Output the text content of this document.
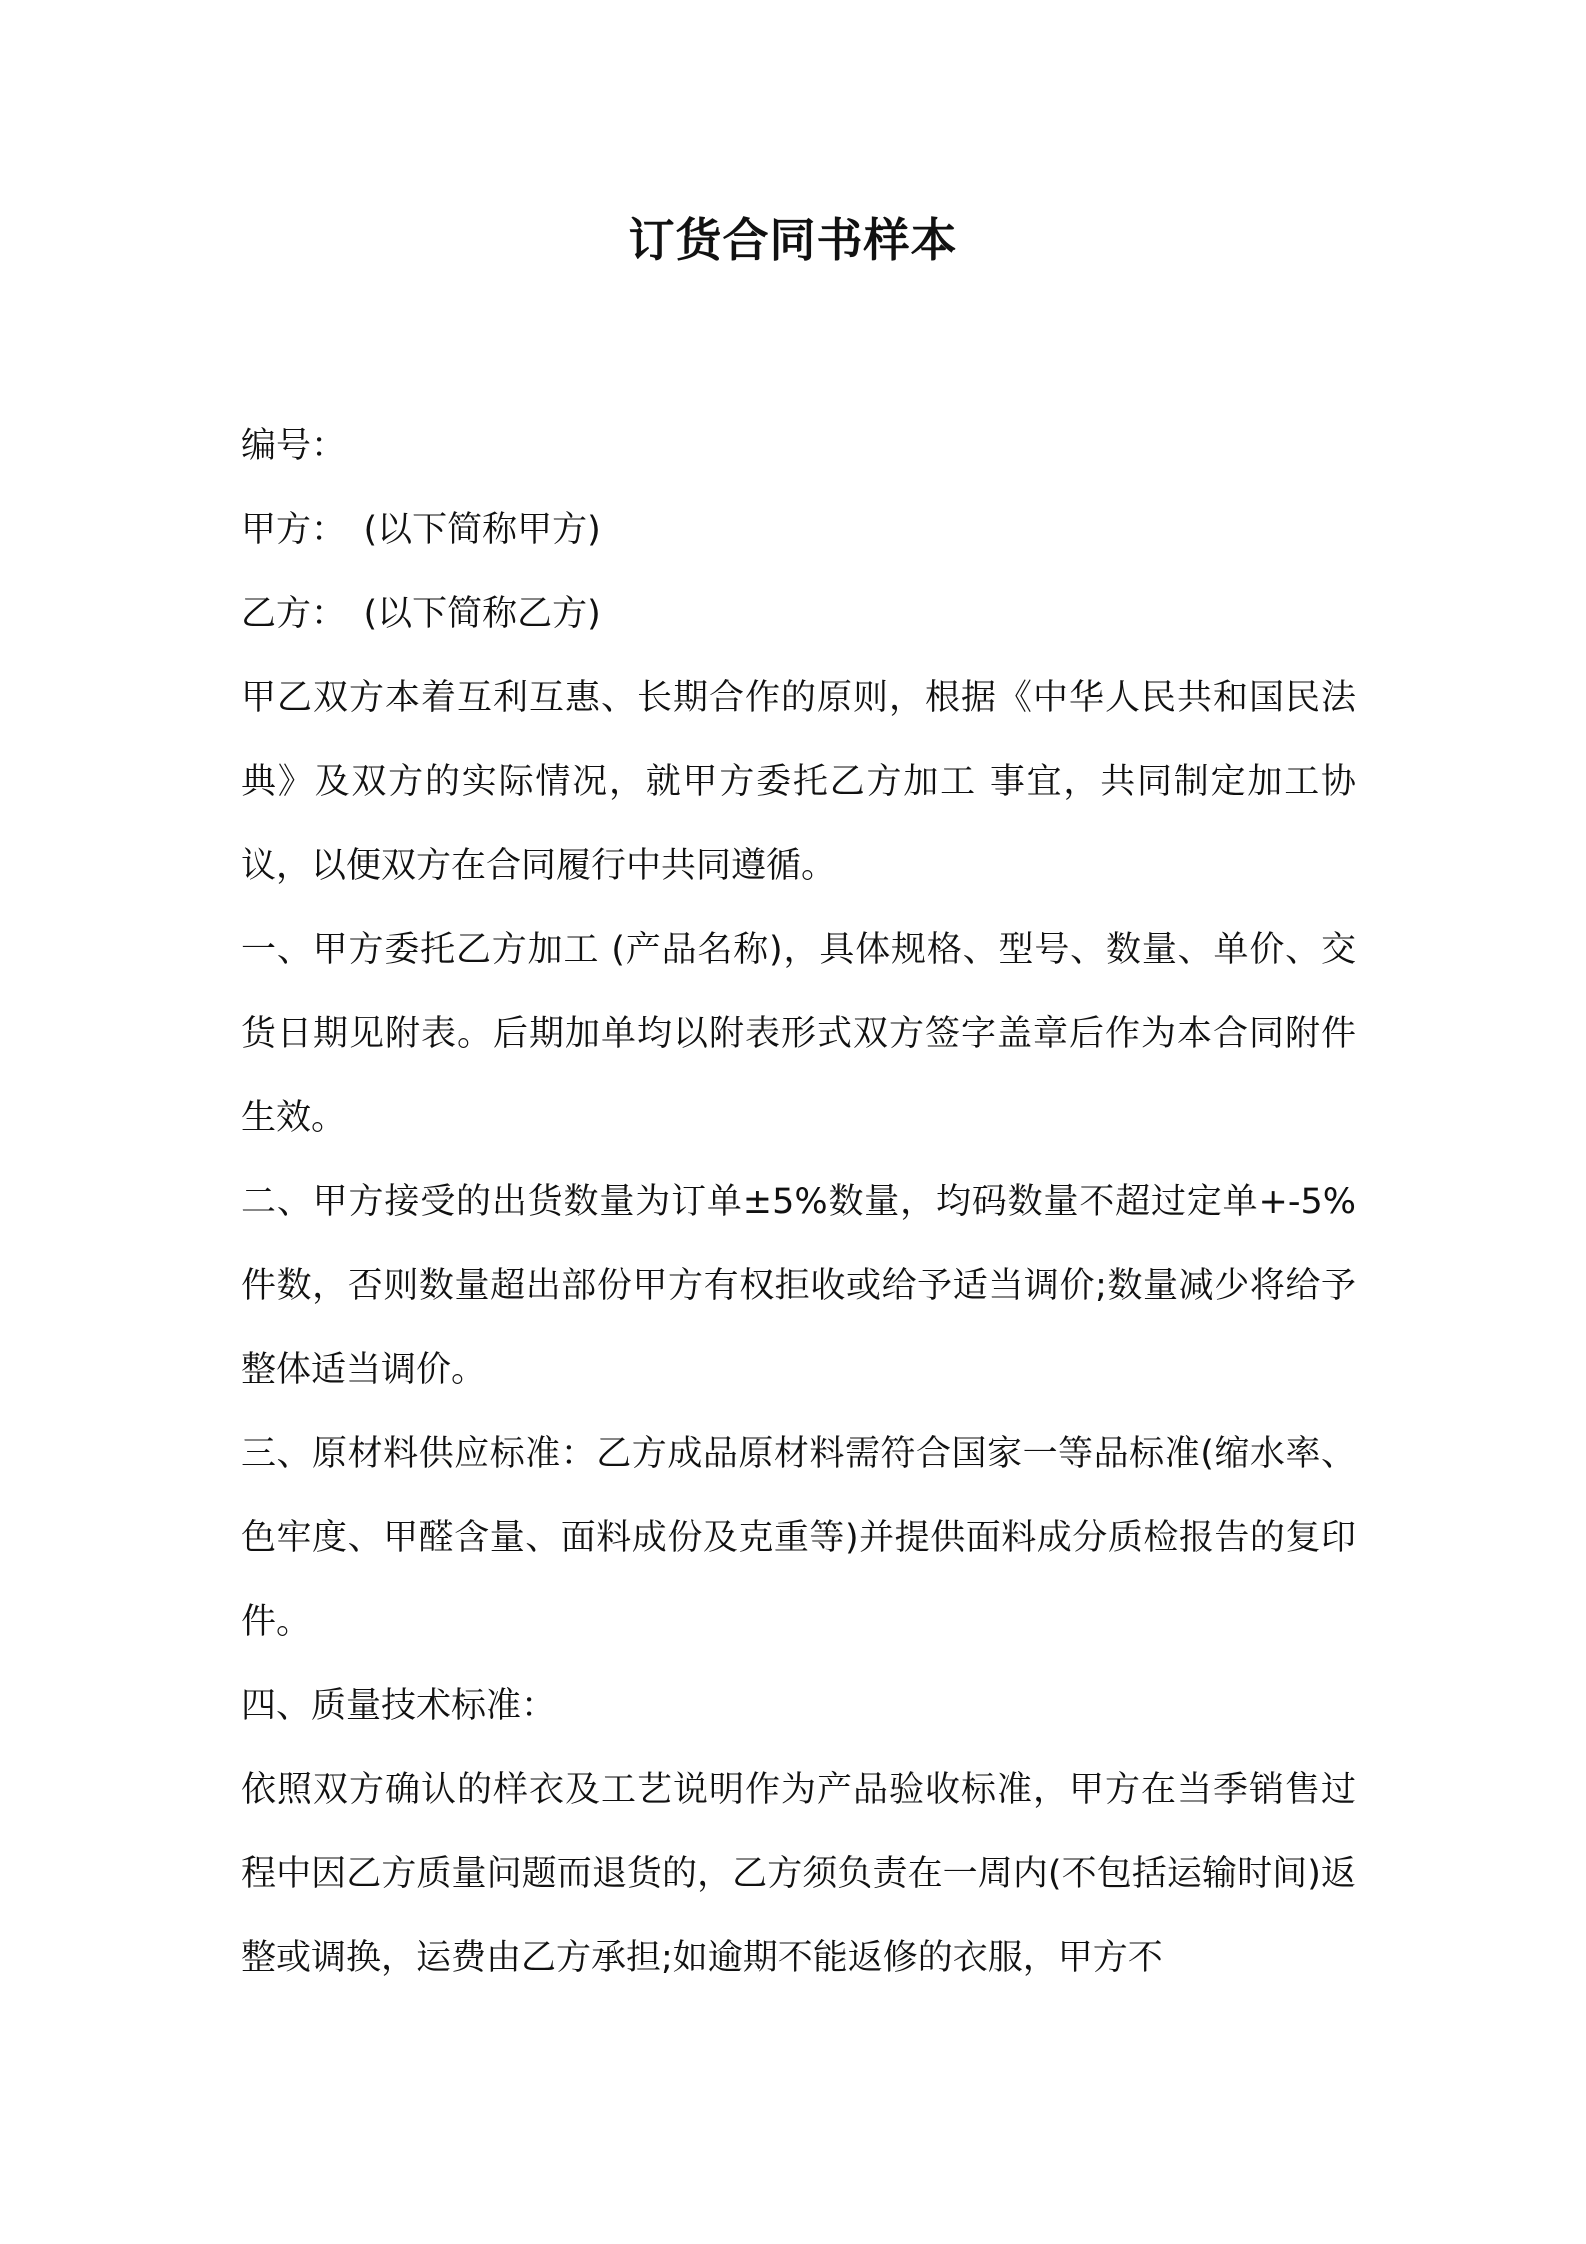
订货合同书样本

编号：

甲方：　(以下简称甲方)

乙方：　(以下简称乙方)

甲乙双方本着互利互惠、长期合作的原则，根据《中华人民共和国民法典》及双方的实际情况，就甲方委托乙方加工 事宜，共同制定加工协议，以便双方在合同履行中共同遵循。

一、甲方委托乙方加工 (产品名称)，具体规格、型号、数量、单价、交货日期见附表。后期加单均以附表形式双方签字盖章后作为本合同附件生效。

二、甲方接受的出货数量为订单±5%数量，均码数量不超过定单+-5%件数，否则数量超出部份甲方有权拒收或给予适当调价;数量减少将给予整体适当调价。

三、原材料供应标准：乙方成品原材料需符合国家一等品标准(缩水率、色牢度、甲醛含量、面料成份及克重等)并提供面料成分质检报告的复印件。

四、质量技术标准：

依照双方确认的样衣及工艺说明作为产品验收标准，甲方在当季销售过程中因乙方质量问题而退货的，乙方须负责在一周内(不包括运输时间)返整或调换，运费由乙方承担;如逾期不能返修的衣服，甲方不
